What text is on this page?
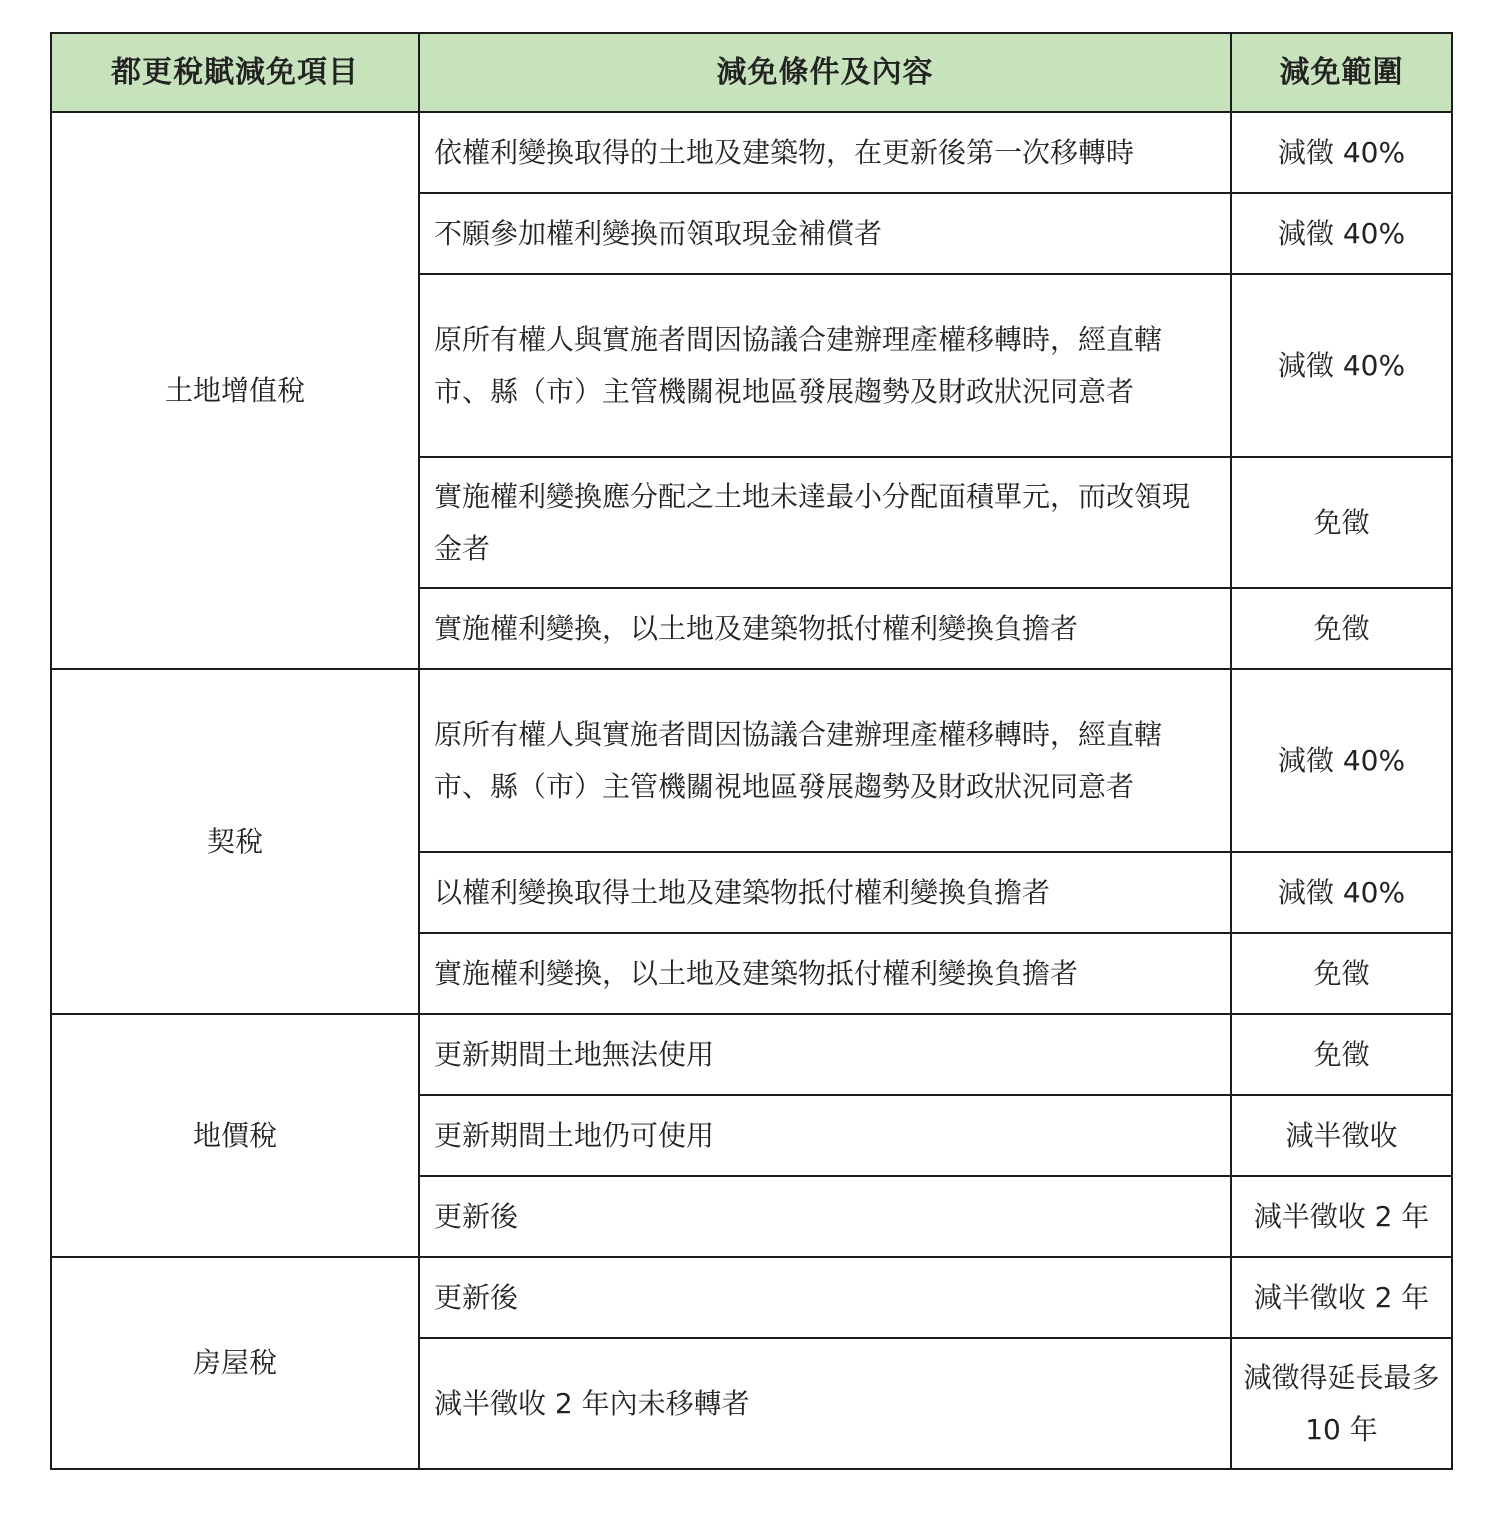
都更稅賦減免項目	減免條件及內容	減免範圍
土地增值稅	依權利變換取得的土地及建築物，在更新後第一次移轉時	減徵 40%
	不願參加權利變換而領取現金補償者	減徵 40%
	原所有權人與實施者間因協議合建辦理產權移轉時，經直轄市、縣（市）主管機關視地區發展趨勢及財政狀況同意者	減徵 40%
	實施權利變換應分配之土地未達最小分配面積單元，而改領現金者	免徵
	實施權利變換，以土地及建築物抵付權利變換負擔者	免徵
契稅	原所有權人與實施者間因協議合建辦理產權移轉時，經直轄市、縣（市）主管機關視地區發展趨勢及財政狀況同意者	減徵 40%
	以權利變換取得土地及建築物抵付權利變換負擔者	減徵 40%
	實施權利變換，以土地及建築物抵付權利變換負擔者	免徵
地價稅	更新期間土地無法使用	免徵
	更新期間土地仍可使用	減半徵收
	更新後	減半徵收 2 年
房屋稅	更新後	減半徵收 2 年
	減半徵收 2 年內未移轉者	減徵得延長最多 10 年
